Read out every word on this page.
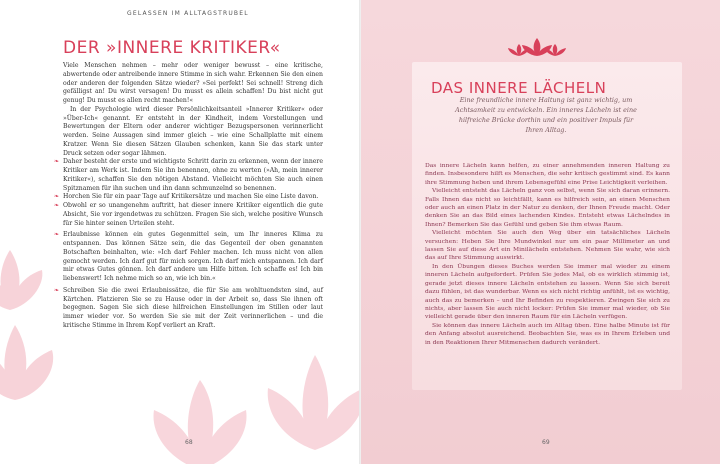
GELASSEN IM ALLTAGSTRUBEL
DER »INNERE KRITIKER«

Viele Menschen nehmen – mehr oder weniger bewusst – eine kritische, abwertende oder antreibende innere Stimme in sich wahr. Erkennen Sie den einen oder anderen der folgenden Sätze wieder? »Sei perfekt! Sei schnell! Streng dich gefälligst an! Du wirst versagen! Du musst es allein schaffen! Du bist nicht gut genug! Du musst es allen recht machen!«

In der Psychologie wird dieser Persönlichkeitsanteil »Innerer Kritiker« oder »Über-Ich« genannt. Er entsteht in der Kindheit, indem Vorstellungen und Bewertungen der Eltern oder anderer wichtiger Bezugspersonen verinnerlicht werden. Seine Aussagen sind immer gleich – wie eine Schallplatte mit einem Kratzer. Wenn Sie diesen Sätzen Glauben schenken, kann Sie das stark unter Druck setzen oder sogar lähmen.

❧ Daher besteht der erste und wichtigste Schritt darin zu erkennen, wenn der innere Kritiker am Werk ist. Indem Sie ihn benennen, ohne zu werten (»Ah, mein innerer Kritiker«), schaffen Sie den nötigen Abstand. Vielleicht möchten Sie auch einen Spitznamen für ihn suchen und ihn dann schmunzelnd so benennen.
❧ Horchen Sie für ein paar Tage auf Kritikersätze und machen Sie eine Liste davon.
❧ Obwohl er so unangenehm auftritt, hat dieser innere Kritiker eigentlich die gute Absicht, Sie vor irgendetwas zu schützen. Fragen Sie sich, welche positive Wunsch für Sie hinter seinen Urteilen steht.
❧ Erlaubnisse können ein gutes Gegenmittel sein, um Ihr inneres Klima zu entspannen. Das können Sätze sein, die das Gegenteil der oben genannten Botschaften beinhalten, wie: »Ich darf Fehler machen. Ich muss nicht von allen gemocht werden. Ich darf gut für mich sorgen. Ich darf mich entspannen. Ich darf mir etwas Gutes gönnen. Ich darf andere um Hilfe bitten. Ich schaffe es! Ich bin liebenswert! Ich nehme mich so an, wie ich bin.«
❧ Schreiben Sie die zwei Erlaubnissätze, die für Sie am wohltuendsten sind, auf Kärtchen. Platzieren Sie se zu Hause oder in der Arbeit so, dass Sie ihnen oft begegnen. Sagen Sie sich diese hilfreichen Einstellungen im Stillen oder laut immer wieder vor. So werden Sie sie mit der Zeit verinnerlichen – und die kritische Stimme in Ihrem Kopf verliert an Kraft.
68
DAS INNERE LÄCHELN
Eine freundliche innere Haltung ist ganz wichtig, um Achtsamkeit zu entwickeln. Ein inneres Lächeln ist eine hilfreiche Brücke dorthin und ein positiver Impuls für Ihren Alltag.

Das innere Lächeln kann helfen, zu einer annehmenden inneren Haltung zu finden. Insbesondere hilft es Menschen, die sehr kritisch gestimmt sind. Es kann ihre Stimmung heben und ihrem Lebensgefühl eine Prise Leichtigkeit verleihen.

Vielleicht entsteht das Lächeln ganz von selbst, wenn Sie sich daran erinnern. Falls Ihnen das nicht so leichtfällt, kann es hilfreich sein, an einen Menschen oder auch an einen Platz in der Natur zu denken, der Ihnen Freude macht. Oder denken Sie an das Bild eines lachenden Kindes. Entsteht etwas Lächelndes in Ihnen? Bemerken Sie das Gefühl und geben Sie ihm etwas Raum.

Vielleicht möchten Sie auch den Weg über ein tatsächliches Lächeln versuchen: Heben Sie Ihre Mundwinkel nur um ein paar Millimeter an und lassen Sie auf diese Art ein Minilächeln entstehen. Nehmen Sie wahr, wie sich das auf Ihre Stimmung auswirkt.

In den Übungen dieses Buches werden Sie immer mal wieder zu einem inneren Lächeln aufgefordert. Prüfen Sie jedes Mal, ob es wirklich stimmig ist, gerade jetzt dieses innere Lächeln entstehen zu lassen. Wenn Sie sich bereit dazu fühlen, ist das wunderbar. Wenn es sich nicht richtig anfühlt, ist es wichtig, auch das zu bemerken – und Ihr Befinden zu respektieren. Zwingen Sie sich zu nichts, aber lassen Sie auch nicht locker: Prüfen Sie immer mal wieder, ob Sie vielleicht gerade über den inneren Raum für ein Lächeln verfügen.

Sie können das innere Lächeln auch im Alltag üben. Eine halbe Minute ist für den Anfang absolut ausreichend. Beobachten Sie, was es in Ihrem Erleben und in den Reaktionen Ihrer Mitmenschen dadurch verändert.

69
